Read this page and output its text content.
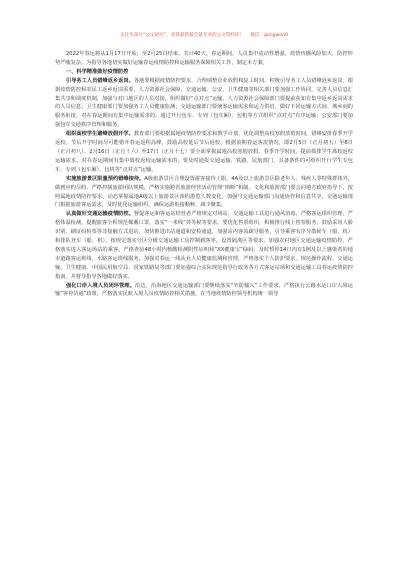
关注头条号“公文研究”，获得最新最全最专业的公文资料库！ 微信：gongwen0

2022年春运将从1月17日开始，至2月25日结束，共计40天。春运期间，人员集中流动性增强，疫情传播风险加大，防控形势严峻复杂。为指导各地切实做好运输春运疫情防控和运输服务保障相关工作，制定本方案。

一、科学精准做好疫情防控

引导务工人员错峰返乡返岗。各地要根据疫情防控要求，合理调整企业放假和复工时间，积极引导务工人员错峰返乡返岗。根据疫情防控和农民工返乡返岗需要，人力资源社会保障、交通运输、公安、卫生健康等相关部门要加强工作协同，完善人员信息汇集共享和调度机制，加强与对口地区的人员对接，组织做好“点对点”运输。人力资源社会保障部门要提前获知有集中返乡返岗需求的人员信息；卫生健康部门要加强务工人员健康监测；交通运输部门要统筹运输需求和运力供给，做好不同运输方式间、城乡间的服务衔接，对在春运期间有集中运输需求的，通过开行包车、专列（包车厢）、包机等方式组织“点对点”有序运输；公安部门要加强包车交通秩序管理和服务。

组织高校学生避峰放假开学。教育部门要根据属地疫情防控要求和教学计划，优化调整高校寒假放假时间，错峰安排春季开学返校。节后开学时间尽可能错开春运返程高峰，鼓励高校延后节后返校。根据前期春运客流情况，即2月5日（正月初五）至8日（正月初八）、2月16日（正月十六）至17日（正月十七）要全面掌握属地高校寒假放假、春季开学时间，提前摸排学生离校返校运输需求，对在春运期间有集中离校返校运输需求的，要及时通报交通运输、铁路、民航部门，具备条件的可组织开行学生专包车、专列（包车厢）、包机等“点对点”运输。

实施旅游景区限量预约错峰接待。A级旅游景区合理设置游客接待上限。4A及以上旅游景区除老年人、残疾人等特殊群体外，做到应约尽约。严格控制旅游团队规模，严格实施跨省旅游经营活动管理“熔断”机制。文化和旅游部门要会同地方政府指导下，按照属地疫情防控要求，动态掌握属地A级以上旅游景区预约游览人数变化，加强与交通运输部门沟通协作和信息共享，交通运输部门根据旅游客运需求，及时优化运输组织，确保运游衔接顺畅，减少聚集。

认真做好交通运输疫情防控。督促客运和客运站经营者严格规定对场站、交通运输工具进行通风消毒，严格客运组织管理，严格体温检测，提醒旅客全程规范佩戴口罩，落实“一米线”外等候等要求。要优化售票组织，积极推行线上售票服务，鼓励采用人脸识别、刷证码检票等非接触方式进站，加快推进出站通道和安检通道，加强站内客流疏导服务，引导乘客有序分散候车（船、机）和排队登车（船、机）。按规定落实分区分级交通运输工具控制载客率。设置隔离区等要求。加强农村地区交通运输疫情防控，严格落实进入客运场站的乘客，严格查验48小时内核酸检测阴性证明和“XX健康宝”绿码；及时暂停14日内有1例及以上感染者的地市道路客运班线、水路客运班线服务。加强对春运一线从业人员健康监测和管理，严格落实个人防护要求，规范操作流程，交通运输、卫生健康、中国民用航空局、国家铁路局等部门要加强综合实际规范指导行政务各方式客运站场和交通运输工具春运疫情防控指南，并督导指导各地做好落实。

强化口岸入境人员闭环管理。沿边、沿海地区交通运输部门要继续落实“外防输入”工作要求，严格执行公路水运口岸入境运输“客停货通”政策。严格落实民航入境人员疫情防控相关措施。在当地疫情防控领导机构统一领导
